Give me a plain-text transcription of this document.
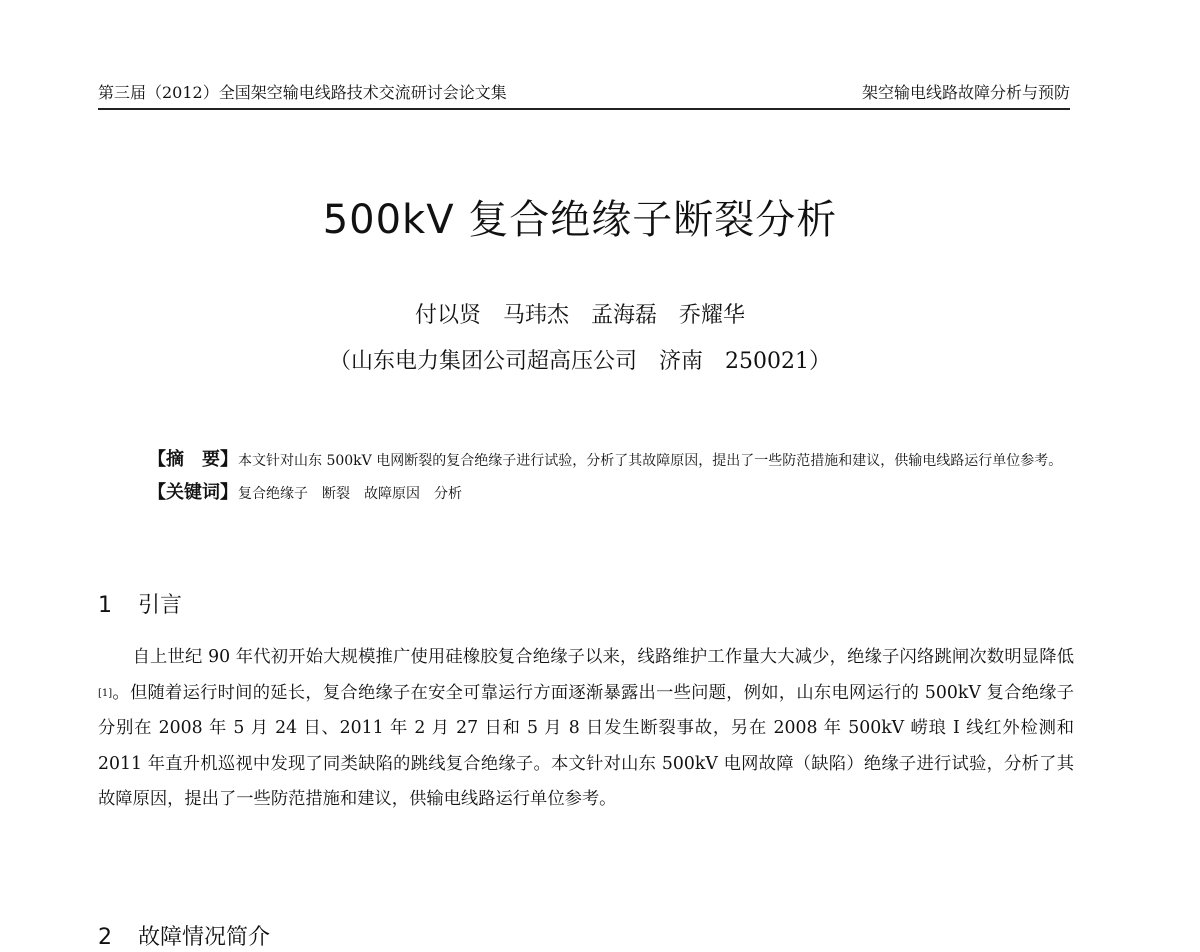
第三届（2012）全国架空输电线路技术交流研讨会论文集	架空输电线路故障分析与预防
500kV 复合绝缘子断裂分析
付以贤　马玮杰　孟海磊　乔耀华
（山东电力集团公司超高压公司　济南　250021）

【摘　要】本文针对山东 500kV 电网断裂的复合绝缘子进行试验，分析了其故障原因，提出了一些防范措施和建议，供输电线路运行单位参考。

【关键词】复合绝缘子　断裂　故障原因　分析

1 引言

自上世纪 90 年代初开始大规模推广使用硅橡胶复合绝缘子以来，线路维护工作量大大减少，绝缘子闪络跳闸次数明显降低[1]。但随着运行时间的延长，复合绝缘子在安全可靠运行方面逐渐暴露出一些问题，例如，山东电网运行的 500kV 复合绝缘子分别在 2008 年 5 月 24 日、2011 年 2 月 27 日和 5 月 8 日发生断裂事故，另在 2008 年 500kV 崂琅 I 线红外检测和 2011 年直升机巡视中发现了同类缺陷的跳线复合绝缘子。本文针对山东 500kV 电网故障（缺陷）绝缘子进行试验，分析了其故障原因，提出了一些防范措施和建议，供输电线路运行单位参考。

2 故障情况简介
